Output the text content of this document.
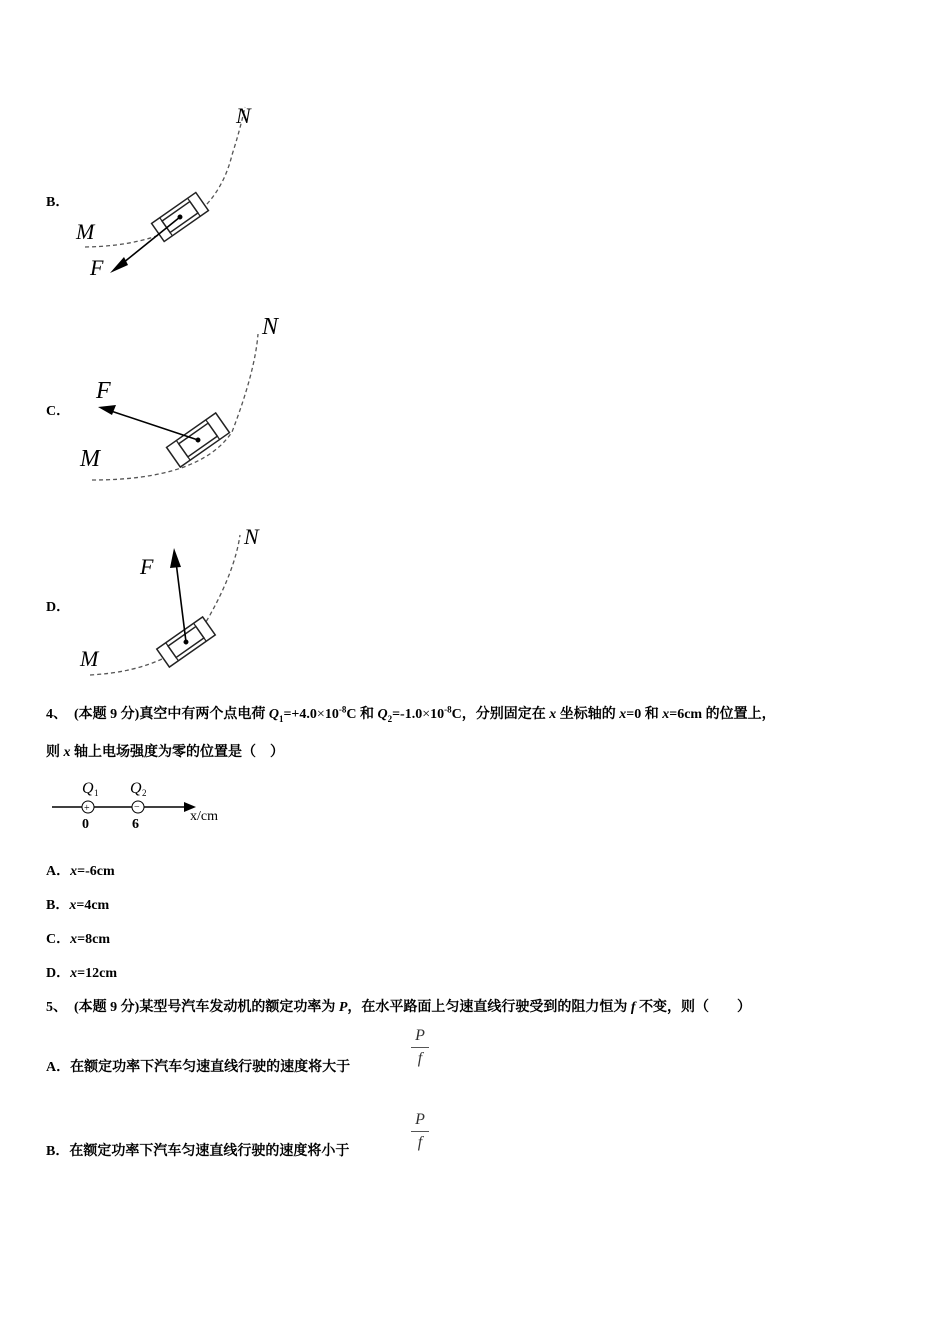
B．
M
N
F
C．
M
N
F
D．
M
N
F
4、 (本题 9 分)真空中有两个点电荷 $Q_1=+4.0\times 10^{-8}C$ 和 $Q_2=-1.0\times 10^{-8}C$，分别固定在 x 坐标轴的 x=0 和 x=6cm 的位置上，
则 x 轴上电场强度为零的位置是（　）
+	−
Q 1 Q 2
0	6
x/cm
A．x=-6cm
B．x=4cm
C．x=8cm
D．x=12cm
5、 (本题 9 分)某型号汽车发动机的额定功率为 P，在水平路面上匀速直线行驶受到的阻力恒为 f 不变，则（　　）
A．在额定功率下汽车匀速直线行驶的速度将大于
P
f
B．在额定功率下汽车匀速直线行驶的速度将小于
P
f
